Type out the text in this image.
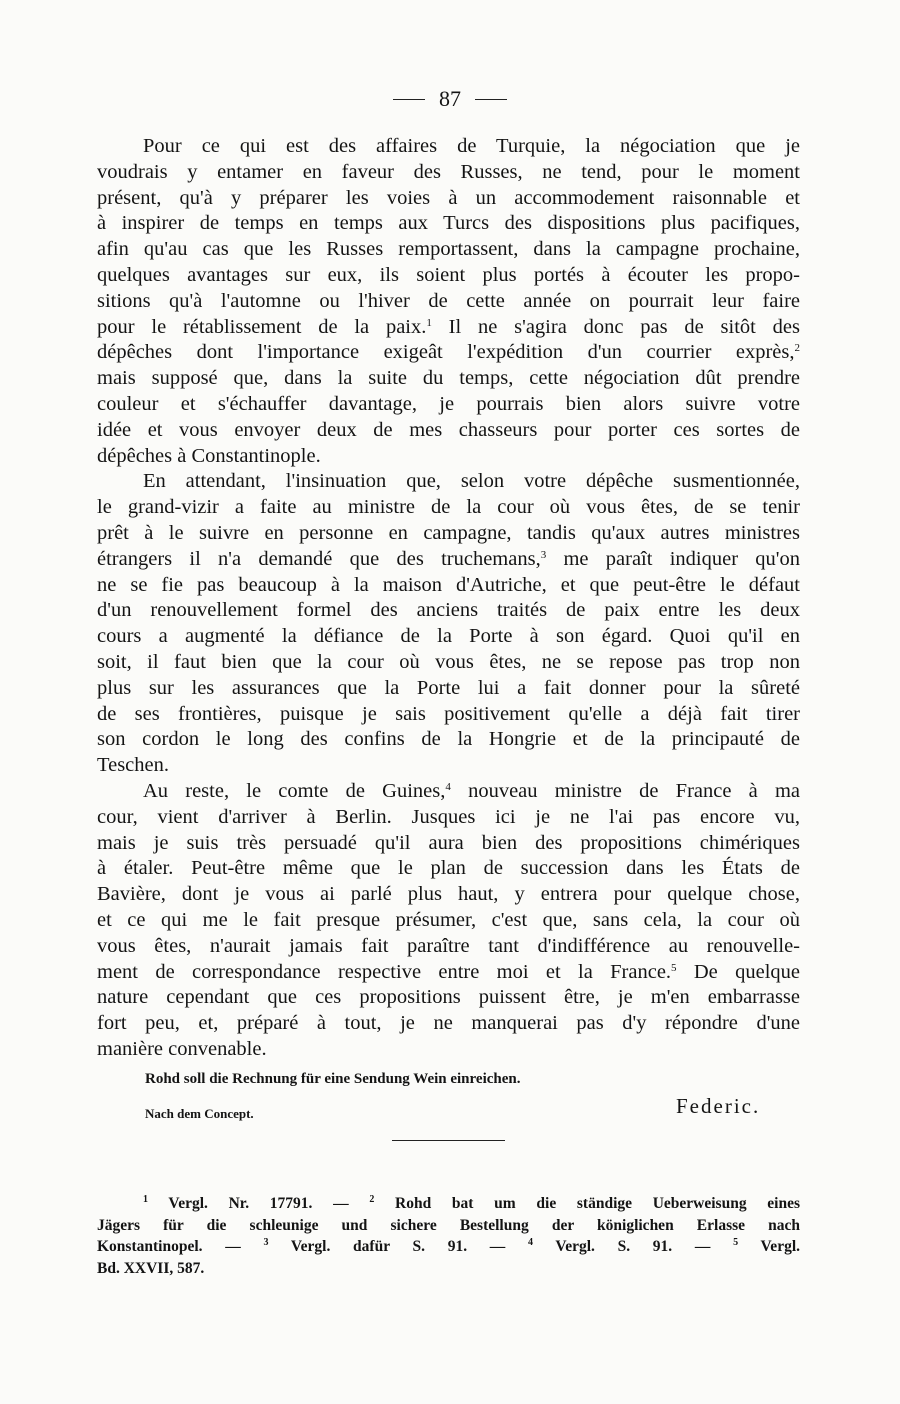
87
Pour ce qui est des affaires de Turquie, la négociation que je
voudrais y entamer en faveur des Russes, ne tend, pour le moment
présent, qu'à y préparer les voies à un accommodement raisonnable et
à inspirer de temps en temps aux Turcs des dispositions plus pacifiques,
afin qu'au cas que les Russes remportassent, dans la campagne prochaine,
quelques avantages sur eux, ils soient plus portés à écouter les propo-
sitions qu'à l'automne ou l'hiver de cette année on pourrait leur faire
pour le rétablissement de la paix.$^1$ Il ne s'agira donc pas de sitôt des
dépêches dont l'importance exigeât l'expédition d'un courrier exprès,$^2$
mais supposé que, dans la suite du temps, cette négociation dût prendre
couleur et s'échauffer davantage, je pourrais bien alors suivre votre
idée et vous envoyer deux de mes chasseurs pour porter ces sortes de
dépêches à Constantinople.
En attendant, l'insinuation que, selon votre dépêche susmentionnée,
le grand-vizir a faite au ministre de la cour où vous êtes, de se tenir
prêt à le suivre en personne en campagne, tandis qu'aux autres ministres
étrangers il n'a demandé que des truchemans,$^3$ me paraît indiquer qu'on
ne se fie pas beaucoup à la maison d'Autriche, et que peut-être le défaut
d'un renouvellement formel des anciens traités de paix entre les deux
cours a augmenté la défiance de la Porte à son égard. Quoi qu'il en
soit, il faut bien que la cour où vous êtes, ne se repose pas trop non
plus sur les assurances que la Porte lui a fait donner pour la sûreté
de ses frontières, puisque je sais positivement qu'elle a déjà fait tirer
son cordon le long des confins de la Hongrie et de la principauté de
Teschen.
Au reste, le comte de Guines,$^4$ nouveau ministre de France à ma
cour, vient d'arriver à Berlin. Jusques ici je ne l'ai pas encore vu,
mais je suis très persuadé qu'il aura bien des propositions chimériques
à étaler. Peut-être même que le plan de succession dans les États de
Bavière, dont je vous ai parlé plus haut, y entrera pour quelque chose,
et ce qui me le fait presque présumer, c'est que, sans cela, la cour où
vous êtes, n'aurait jamais fait paraître tant d'indifférence au renouvelle-
ment de correspondance respective entre moi et la France.$^5$ De quelque
nature cependant que ces propositions puissent être, je m'en embarrasse
fort peu, et, préparé à tout, je ne manquerai pas d'y répondre d'une
manière convenable.
Rohd soll die Rechnung für eine Sendung Wein einreichen.
Nach dem Concept.	Federic.
$^1$ Vergl. Nr. 17791. — $^2$ Rohd bat um die ständige Ueberweisung eines
Jägers für die schleunige und sichere Bestellung der königlichen Erlasse nach
Konstantinopel. — $^3$ Vergl. dafür S. 91. — $^4$ Vergl. S. 91. — $^5$ Vergl.
Bd. XXVII, 587.
